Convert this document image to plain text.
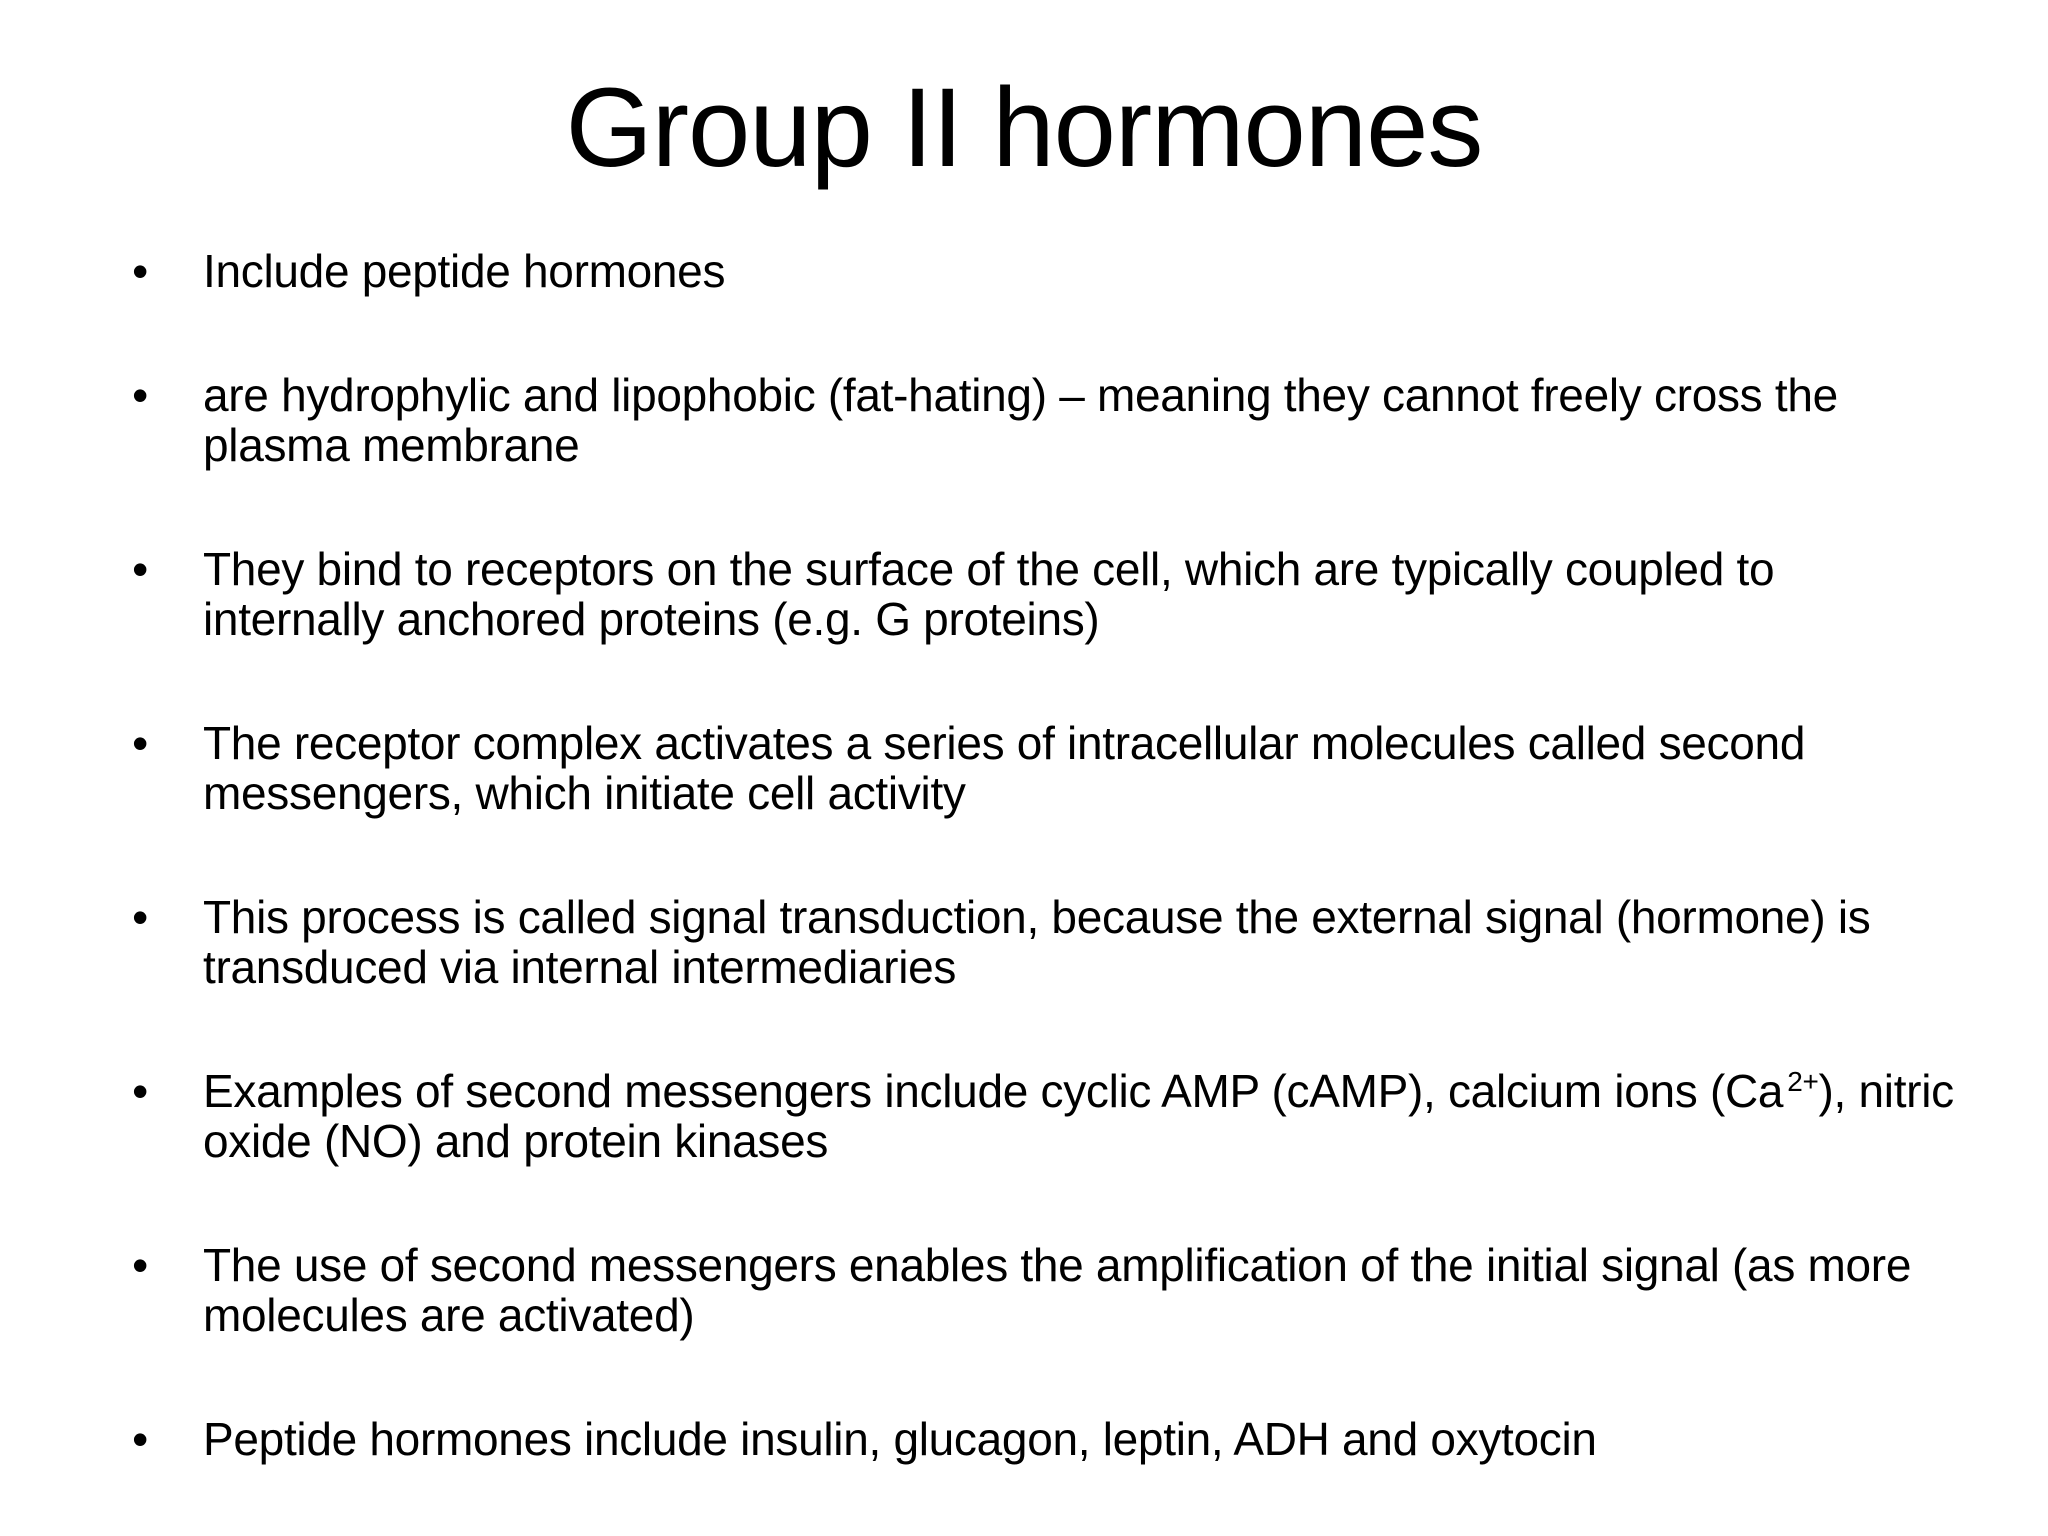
Group II hormones
• Include peptide hormones
• are hydrophylic and lipophobic (fat-hating) – meaning they cannot freely cross the plasma membrane
• They bind to receptors on the surface of the cell, which are typically coupled to internally anchored proteins (e.g. G proteins)
• The receptor complex activates a series of intracellular molecules called second messengers, which initiate cell activity
• This process is called signal transduction, because the external signal (hormone) is transduced via internal intermediaries
• Examples of second messengers include cyclic AMP (cAMP), calcium ions (Ca $^{2+}$), nitric oxide (NO) and protein kinases
• The use of second messengers enables the amplification of the initial signal (as more molecules are activated)
• Peptide hormones include insulin, glucagon, leptin, ADH and oxytocin
